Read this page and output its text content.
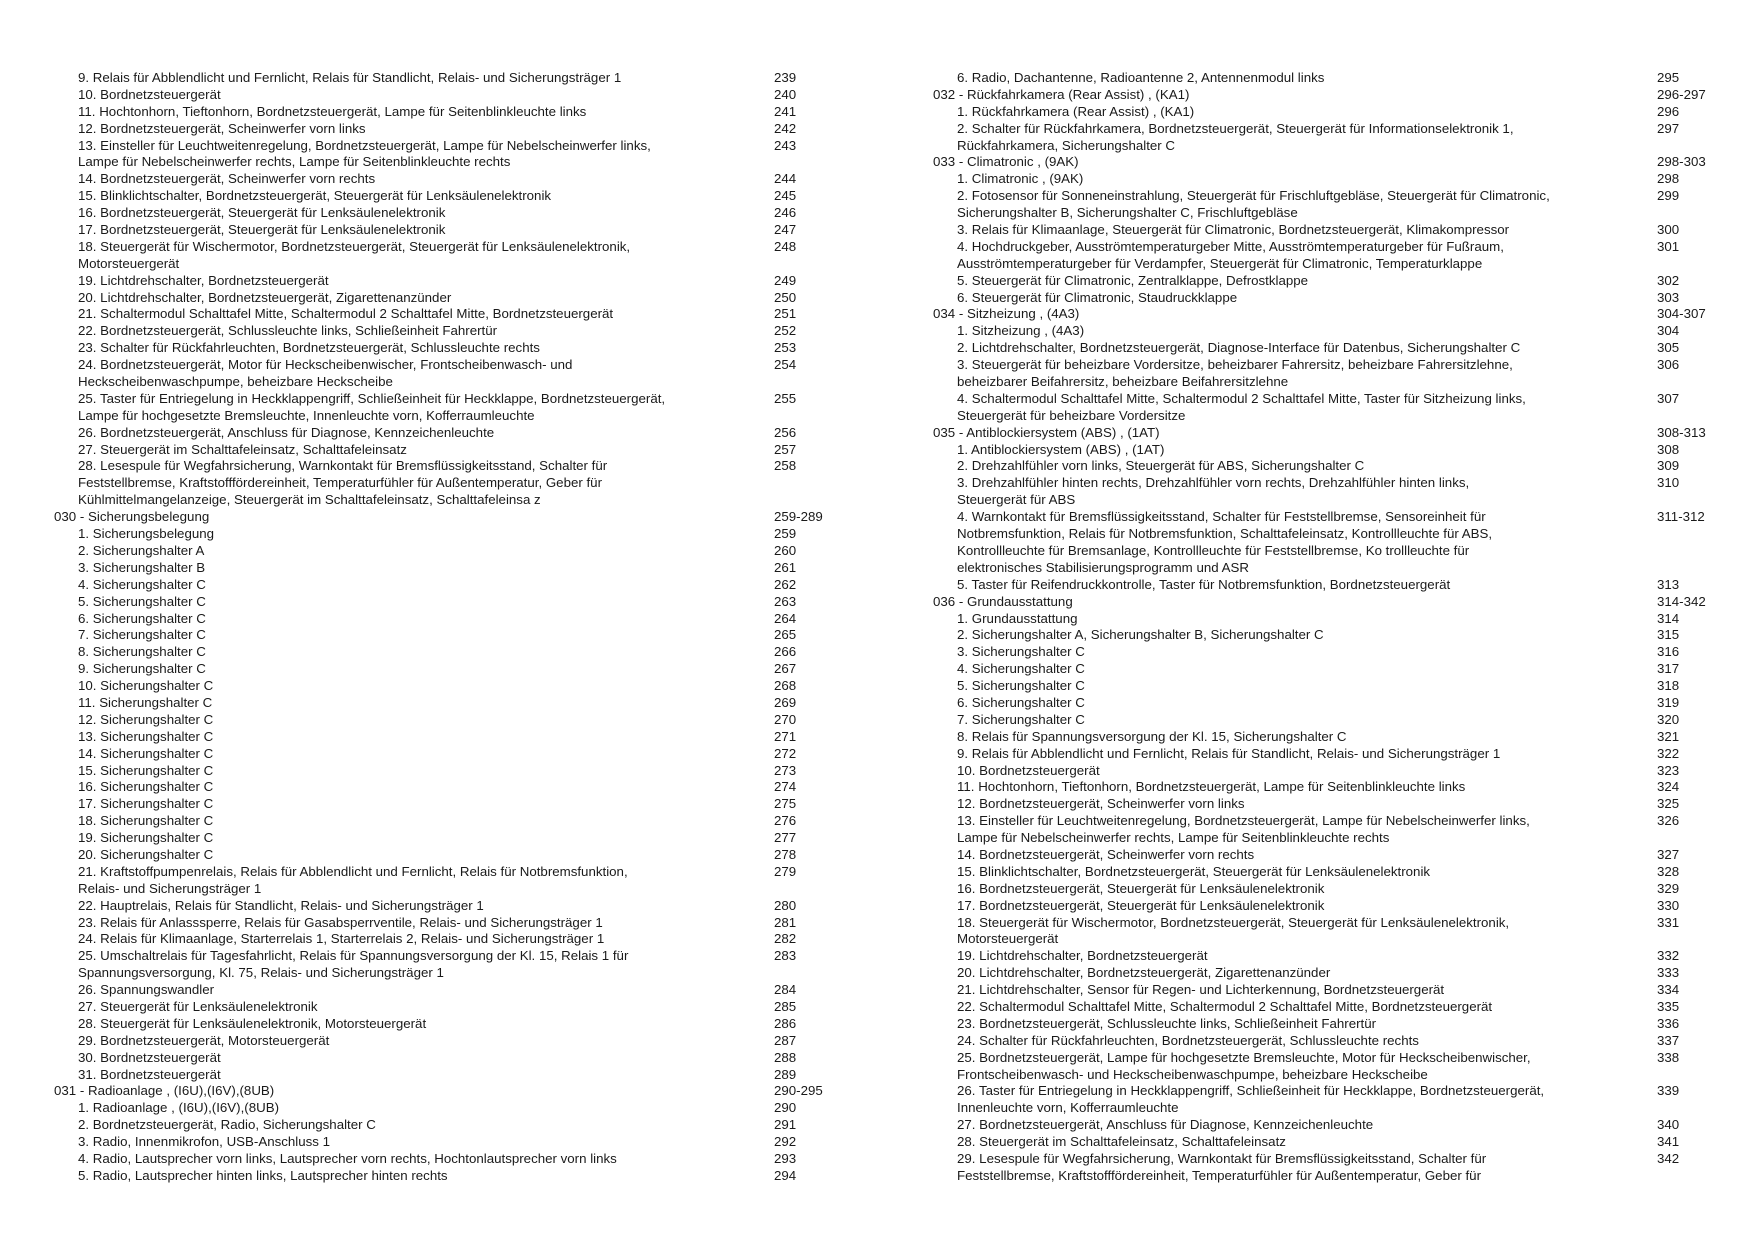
9. Relais für Abblendlicht und Fernlicht, Relais für Standlicht, Relais- und Sicherungsträger 1	239
10. Bordnetzsteuergerät	240
11. Hochtonhorn, Tieftonhorn, Bordnetzsteuergerät, Lampe für Seitenblinkleuchte links	241
12. Bordnetzsteuergerät, Scheinwerfer vorn links	242
13. Einsteller für Leuchtweitenregelung, Bordnetzsteuergerät, Lampe für Nebelscheinwerfer links,	243
Lampe für Nebelscheinwerfer rechts, Lampe für Seitenblinkleuchte rechts
14. Bordnetzsteuergerät, Scheinwerfer vorn rechts	244
15. Blinklichtschalter, Bordnetzsteuergerät, Steuergerät für Lenksäulenelektronik	245
16. Bordnetzsteuergerät, Steuergerät für Lenksäulenelektronik	246
17. Bordnetzsteuergerät, Steuergerät für Lenksäulenelektronik	247
18. Steuergerät für Wischermotor, Bordnetzsteuergerät, Steuergerät für Lenksäulenelektronik,	248
Motorsteuergerät
19. Lichtdrehschalter, Bordnetzsteuergerät	249
20. Lichtdrehschalter, Bordnetzsteuergerät, Zigarettenanzünder	250
21. Schaltermodul Schalttafel Mitte, Schaltermodul 2 Schalttafel Mitte, Bordnetzsteuergerät	251
22. Bordnetzsteuergerät, Schlussleuchte links, Schließeinheit Fahrertür	252
23. Schalter für Rückfahrleuchten, Bordnetzsteuergerät, Schlussleuchte rechts	253
24. Bordnetzsteuergerät, Motor für Heckscheibenwischer, Frontscheibenwasch- und	254
Heckscheibenwaschpumpe, beheizbare Heckscheibe
25. Taster für Entriegelung in Heckklappengriff, Schließeinheit für Heckklappe, Bordnetzsteuergerät,	255
Lampe für hochgesetzte Bremsleuchte, Innenleuchte vorn, Kofferraumleuchte
26. Bordnetzsteuergerät, Anschluss für Diagnose, Kennzeichenleuchte	256
27. Steuergerät im Schalttafeleinsatz, Schalttafeleinsatz	257
28. Lesespule für Wegfahrsicherung, Warnkontakt für Bremsflüssigkeitsstand, Schalter für	258
Feststellbremse, Kraftstofffördereinheit, Temperaturfühler für Außentemperatur, Geber für
Kühlmittelmangelanzeige, Steuergerät im Schalttafeleinsatz, Schalttafeleinsa z
030 - Sicherungsbelegung	259-289
1. Sicherungsbelegung	259
2. Sicherungshalter A	260
3. Sicherungshalter B	261
4. Sicherungshalter C	262
5. Sicherungshalter C	263
6. Sicherungshalter C	264
7. Sicherungshalter C	265
8. Sicherungshalter C	266
9. Sicherungshalter C	267
10. Sicherungshalter C	268
11. Sicherungshalter C	269
12. Sicherungshalter C	270
13. Sicherungshalter C	271
14. Sicherungshalter C	272
15. Sicherungshalter C	273
16. Sicherungshalter C	274
17. Sicherungshalter C	275
18. Sicherungshalter C	276
19. Sicherungshalter C	277
20. Sicherungshalter C	278
21. Kraftstoffpumpenrelais, Relais für Abblendlicht und Fernlicht, Relais für Notbremsfunktion,	279
Relais- und Sicherungsträger 1
22. Hauptrelais, Relais für Standlicht, Relais- und Sicherungsträger 1	280
23. Relais für Anlasssperre, Relais für Gasabsperrventile, Relais- und Sicherungsträger 1	281
24. Relais für Klimaanlage, Starterrelais 1, Starterrelais 2, Relais- und Sicherungsträger 1	282
25. Umschaltrelais für Tagesfahrlicht, Relais für Spannungsversorgung der Kl. 15, Relais 1 für	283
Spannungsversorgung, Kl. 75, Relais- und Sicherungsträger 1
26. Spannungswandler	284
27. Steuergerät für Lenksäulenelektronik	285
28. Steuergerät für Lenksäulenelektronik, Motorsteuergerät	286
29. Bordnetzsteuergerät, Motorsteuergerät	287
30. Bordnetzsteuergerät	288
31. Bordnetzsteuergerät	289
031 - Radioanlage , (I6U),(I6V),(8UB)	290-295
1. Radioanlage , (I6U),(I6V),(8UB)	290
2. Bordnetzsteuergerät, Radio, Sicherungshalter C	291
3. Radio, Innenmikrofon, USB-Anschluss 1	292
4. Radio, Lautsprecher vorn links, Lautsprecher vorn rechts, Hochtonlautsprecher vorn links	293
5. Radio, Lautsprecher hinten links, Lautsprecher hinten rechts	294
6. Radio, Dachantenne, Radioantenne 2, Antennenmodul links	295
032 - Rückfahrkamera (Rear Assist) , (KA1)	296-297
1. Rückfahrkamera (Rear Assist) , (KA1)	296
2. Schalter für Rückfahrkamera, Bordnetzsteuergerät, Steuergerät für Informationselektronik 1,	297
Rückfahrkamera, Sicherungshalter C
033 - Climatronic , (9AK)	298-303
1. Climatronic , (9AK)	298
2. Fotosensor für Sonneneinstrahlung, Steuergerät für Frischluftgebläse, Steuergerät für Climatronic,	299
Sicherungshalter B, Sicherungshalter C, Frischluftgebläse
3. Relais für Klimaanlage, Steuergerät für Climatronic, Bordnetzsteuergerät, Klimakompressor	300
4. Hochdruckgeber, Ausströmtemperaturgeber Mitte, Ausströmtemperaturgeber für Fußraum,	301
Ausströmtemperaturgeber für Verdampfer, Steuergerät für Climatronic, Temperaturklappe
5. Steuergerät für Climatronic, Zentralklappe, Defrostklappe	302
6. Steuergerät für Climatronic, Staudruckklappe	303
034 - Sitzheizung , (4A3)	304-307
1. Sitzheizung , (4A3)	304
2. Lichtdrehschalter, Bordnetzsteuergerät, Diagnose-Interface für Datenbus, Sicherungshalter C	305
3. Steuergerät für beheizbare Vordersitze, beheizbarer Fahrersitz, beheizbare Fahrersitzlehne,	306
beheizbarer Beifahrersitz, beheizbare Beifahrersitzlehne
4. Schaltermodul Schalttafel Mitte, Schaltermodul 2 Schalttafel Mitte, Taster für Sitzheizung links,	307
Steuergerät für beheizbare Vordersitze
035 - Antiblockiersystem (ABS) , (1AT)	308-313
1. Antiblockiersystem (ABS) , (1AT)	308
2. Drehzahlfühler vorn links, Steuergerät für ABS, Sicherungshalter C	309
3. Drehzahlfühler hinten rechts, Drehzahlfühler vorn rechts, Drehzahlfühler hinten links,	310
Steuergerät für ABS
4. Warnkontakt für Bremsflüssigkeitsstand, Schalter für Feststellbremse, Sensoreinheit für	311-312
Notbremsfunktion, Relais für Notbremsfunktion, Schalttafeleinsatz, Kontrollleuchte für ABS,
Kontrollleuchte für Bremsanlage, Kontrollleuchte für Feststellbremse, Ko trollleuchte für
elektronisches Stabilisierungsprogramm und ASR
5. Taster für Reifendruckkontrolle, Taster für Notbremsfunktion, Bordnetzsteuergerät	313
036 - Grundausstattung	314-342
1. Grundausstattung	314
2. Sicherungshalter A, Sicherungshalter B, Sicherungshalter C	315
3. Sicherungshalter C	316
4. Sicherungshalter C	317
5. Sicherungshalter C	318
6. Sicherungshalter C	319
7. Sicherungshalter C	320
8. Relais für Spannungsversorgung der Kl. 15, Sicherungshalter C	321
9. Relais für Abblendlicht und Fernlicht, Relais für Standlicht, Relais- und Sicherungsträger 1	322
10. Bordnetzsteuergerät	323
11. Hochtonhorn, Tieftonhorn, Bordnetzsteuergerät, Lampe für Seitenblinkleuchte links	324
12. Bordnetzsteuergerät, Scheinwerfer vorn links	325
13. Einsteller für Leuchtweitenregelung, Bordnetzsteuergerät, Lampe für Nebelscheinwerfer links,	326
Lampe für Nebelscheinwerfer rechts, Lampe für Seitenblinkleuchte rechts
14. Bordnetzsteuergerät, Scheinwerfer vorn rechts	327
15. Blinklichtschalter, Bordnetzsteuergerät, Steuergerät für Lenksäulenelektronik	328
16. Bordnetzsteuergerät, Steuergerät für Lenksäulenelektronik	329
17. Bordnetzsteuergerät, Steuergerät für Lenksäulenelektronik	330
18. Steuergerät für Wischermotor, Bordnetzsteuergerät, Steuergerät für Lenksäulenelektronik,	331
Motorsteuergerät
19. Lichtdrehschalter, Bordnetzsteuergerät	332
20. Lichtdrehschalter, Bordnetzsteuergerät, Zigarettenanzünder	333
21. Lichtdrehschalter, Sensor für Regen- und Lichterkennung, Bordnetzsteuergerät	334
22. Schaltermodul Schalttafel Mitte, Schaltermodul 2 Schalttafel Mitte, Bordnetzsteuergerät	335
23. Bordnetzsteuergerät, Schlussleuchte links, Schließeinheit Fahrertür	336
24. Schalter für Rückfahrleuchten, Bordnetzsteuergerät, Schlussleuchte rechts	337
25. Bordnetzsteuergerät, Lampe für hochgesetzte Bremsleuchte, Motor für Heckscheibenwischer,	338
Frontscheibenwasch- und Heckscheibenwaschpumpe, beheizbare Heckscheibe
26. Taster für Entriegelung in Heckklappengriff, Schließeinheit für Heckklappe, Bordnetzsteuergerät,	339
Innenleuchte vorn, Kofferraumleuchte
27. Bordnetzsteuergerät, Anschluss für Diagnose, Kennzeichenleuchte	340
28. Steuergerät im Schalttafeleinsatz, Schalttafeleinsatz	341
29. Lesespule für Wegfahrsicherung, Warnkontakt für Bremsflüssigkeitsstand, Schalter für	342
Feststellbremse, Kraftstofffördereinheit, Temperaturfühler für Außentemperatur, Geber für
